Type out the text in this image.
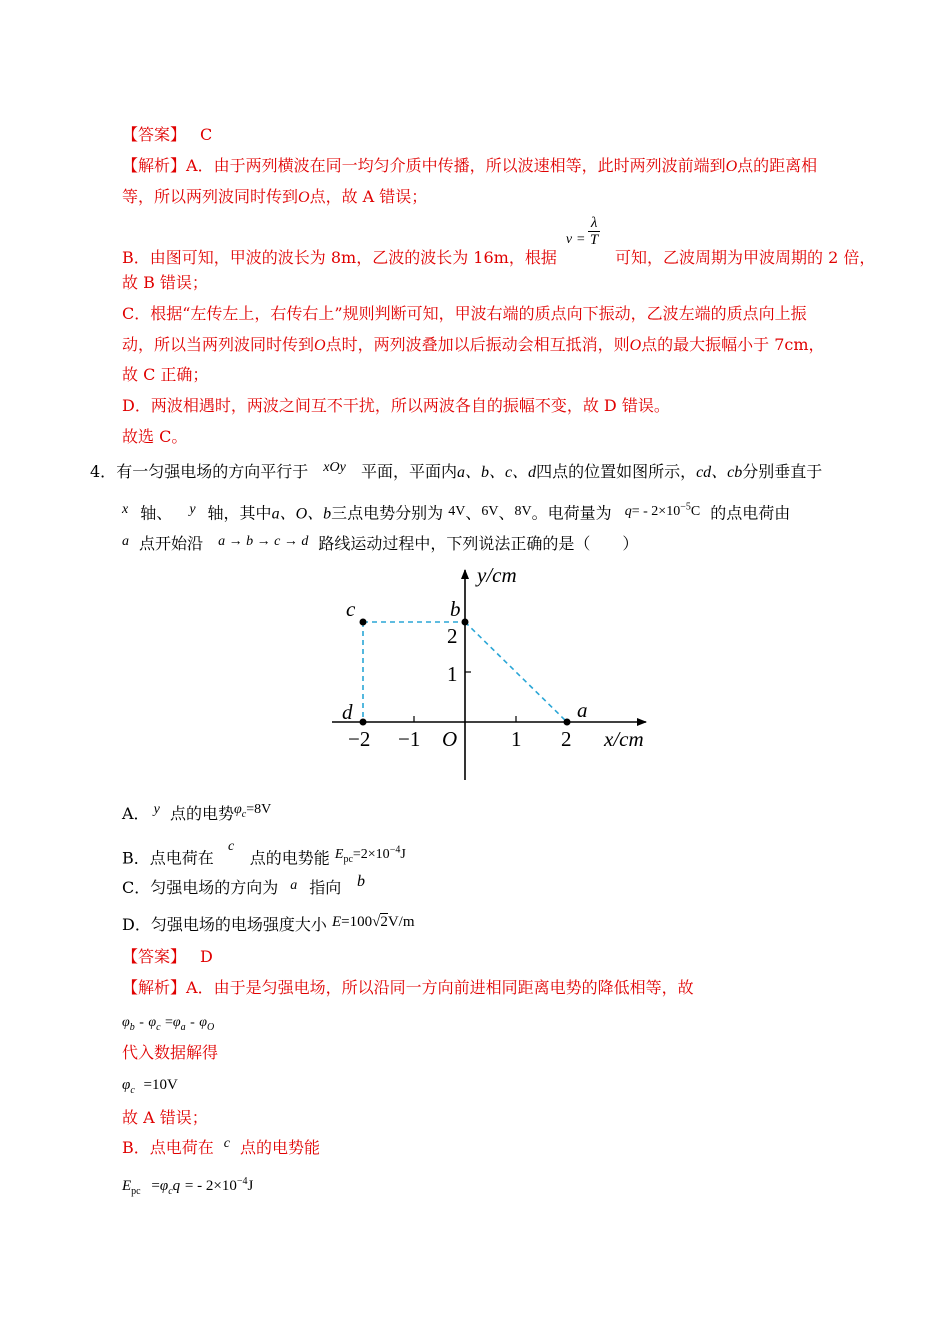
【答案】 C
【解析】A．由于两列横波在同一均匀介质中传播，所以波速相等，此时两列波前端到O点的距离相
等，所以两列波同时传到O点，故 A 错误；
B．由图可知，甲波的波长为 8m，乙波的波长为 16m，根据
$v = \frac{\lambda}{T}$
可知，乙波周期为甲波周期的 2 倍，
故 B 错误；
C．根据“左传左上，右传右上”规则判断可知，甲波右端的质点向下振动，乙波左端的质点向上振
动，所以当两列波同时传到O点时，两列波叠加以后振动会相互抵消，则O点的最大振幅小于 7cm，
故 C 正确；
D．两波相遇时，两波之间互不干扰，所以两波各自的振幅不变，故 D 错误。
故选 C。
4．有一匀强电场的方向平行于 xOy 平面，平面内a、b、c、d四点的位置如图所示，cd、cb分别垂直于
x 轴、 y 轴，其中a、O、b三点电势分别为 4V、6V、8V。电荷量为 $q= - 2\times 10^{-5}C$ 的点电荷由
a 点开始沿 a → b → c → d 路线运动过程中，下列说法正确的是（　　）
c	b
d	a
y/cm
x/cm
2
1
−2 −1 O	1 2
A． y 点的电势$\varphi_c=8V$
B．点电荷在 点的电势能 $E_{pc}=2\times 10^{-4}J$
C．匀强电场的方向为 a 指向
D．匀强电场的电场强度大小 E=100√2V/m
c
b
【答案】 D
【解析】A．由于是匀强电场，所以沿同一方向前进相同距离电势的降低相等，故
$\varphi_b - \varphi_c =\varphi_a - \varphi_O$
代入数据解得
$\varphi_c =10V$
故 A 错误；
B．点电荷在 c 点的电势能
$E_{pc} =\varphi_cq$ = - $2\times 10^{-4}J$
